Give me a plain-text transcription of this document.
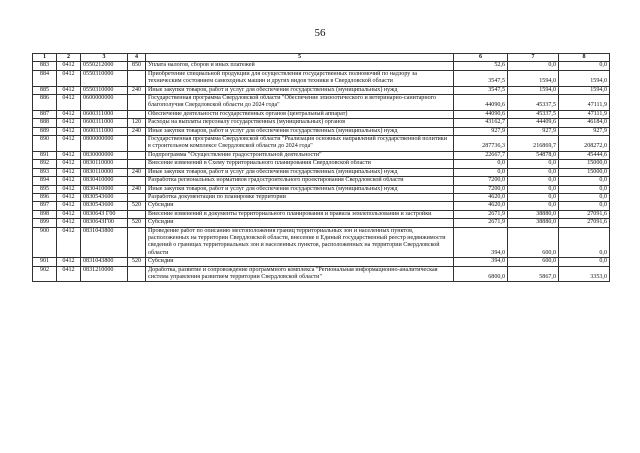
56
1	2	3	4	5	6	7	8
883	0412	0550212000	850	Уплата налогов, сборов и иных платежей	52,6	0,0	0,0
884	0412	0550310000		Приобретение специальной продукции для осуществления государственных полномочий по надзору за техническим состоянием самоходных машин и других видов техники в Свердловской области	3547,5	1594,0	1594,0
885	0412	0550310000	240	Иные закупки товаров, работ и услуг для обеспечения государственных (муниципальных) нужд	3547,5	1594,0	1594,0
886	0412	0600000000		Государственная программа Свердловской области "Обеспечение эпизоотического и ветеринарно-санитарного благополучия Свердловской области до 2024 года"	44090,6	45337,5	47111,9
887	0412	0600311000		Обеспечение деятельности государственных органов (центральный аппарат)	44090,6	45337,5	47111,9
888	0412	0600311000	120	Расходы на выплаты персоналу государственных (муниципальных) органов	43162,7	44409,6	46184,0
889	0412	0600311000	240	Иные закупки товаров, работ и услуг для обеспечения государственных (муниципальных) нужд	927,9	927,9	927,9
890	0412	0800000000		Государственная программа Свердловской области "Реализация основных направлений государственной политики в строительном комплексе Свердловской области до 2024 года"	287736,3	216869,7	208272,0
891	0412	0830000000		Подпрограмма "Осуществление градостроительной деятельности"	22667,7	54878,0	45444,6
892	0412	0830110000		Внесение изменений в Схему территориального планирования Свердловской области	0,0	0,0	15000,0
893	0412	0830110000	240	Иные закупки товаров, работ и услуг для обеспечения государственных (муниципальных) нужд	0,0	0,0	15000,0
894	0412	0830410000		Разработка региональных нормативов градостроительного проектирования Свердловской области	7200,0	0,0	0,0
895	0412	0830410000	240	Иные закупки товаров, работ и услуг для обеспечения государственных (муниципальных) нужд	7200,0	0,0	0,0
896	0412	0830543600		Разработка документации по планировке территории	4620,0	0,0	0,0
897	0412	0830543600	520	Субсидии	4620,0	0,0	0,0
898	0412	083064З Г00		Внесение изменений в документы территориального планирования и правила землепользования и застройки	2671,9	38880,0	27091,6
899	0412	083064ЗГ00	520	Субсидии	2671,9	38880,0	27091,6
900	0412	0831043800		Проведение работ по описанию местоположения границ территориальных зон и населенных пунктов, расположенных на территории Свердловской области, внесение в Единый государственный реестр недвижимости сведений о границах территориальных зон и населенных пунктов, расположенных на территории Свердловской области	394,0	600,0	0,0
901	0412	0831043800	520	Субсидии	394,0	600,0	0,0
902	0412	0831210000		Доработка, развитие и сопровождение программного комплекса "Региональная информационно-аналитическая система управления развитием территории Свердловской области"	6800,0	5867,0	3353,0
